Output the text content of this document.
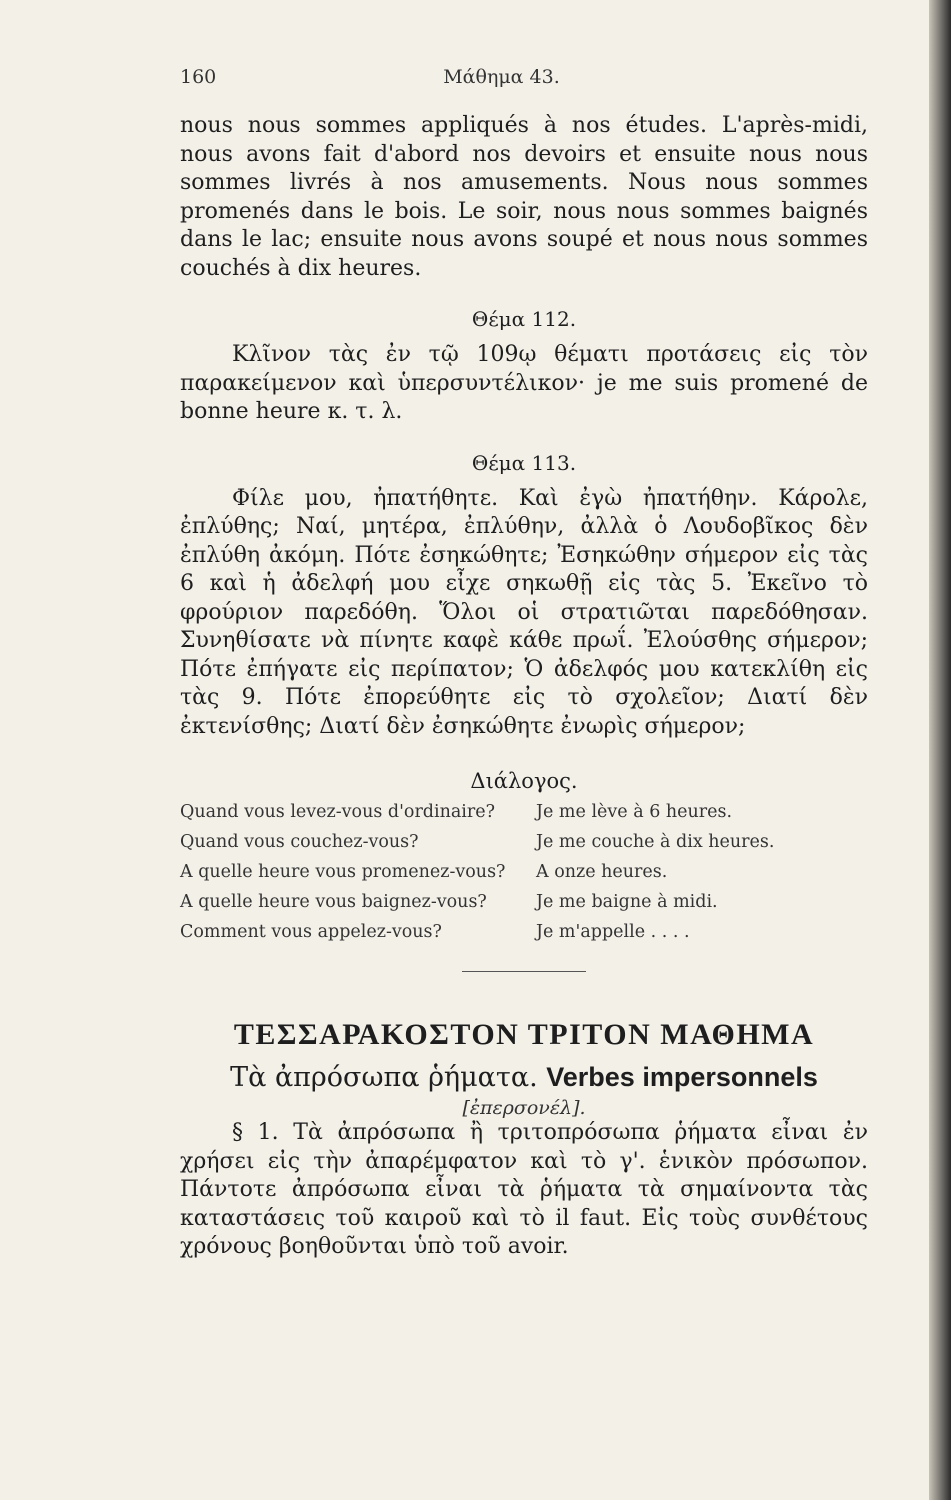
160	Μάθημα 43.

nous nous sommes appliqués à nos études. L'après-midi, nous avons fait d'abord nos devoirs et ensuite nous nous sommes livrés à nos amusements. Nous nous sommes promenés dans le bois. Le soir, nous nous sommes baignés dans le lac; ensuite nous avons soupé et nous nous sommes couchés à dix heures.

Θέμα 112.

Κλῖνον τὰς ἐν τῷ 109ῳ θέματι προτάσεις εἰς τὸν παρακείμενον καὶ ὑπερσυντέλικον· je me suis promené de bonne heure κ. τ. λ.

Θέμα 113.

Φίλε μου, ἠπατήθητε. Καὶ ἐγὼ ἠπατήθην. Κάρολε, ἐπλύθης; Ναί, μητέρα, ἐπλύθην, ἀλλὰ ὁ Λουδοβῖκος δὲν ἐπλύθη ἀκόμη. Πότε ἐσηκώθητε; Ἐσηκώθην σήμερον εἰς τὰς 6 καὶ ἡ ἀδελφή μου εἶχε σηκωθῇ εἰς τὰς 5. Ἐκεῖνο τὸ φρούριον παρεδόθη. Ὅλοι οἱ στρατιῶται παρεδόθησαν. Συνηθίσατε νὰ πίνητε καφὲ κάθε πρωΐ. Ἐλούσθης σήμερον; Πότε ἐπήγατε εἰς περίπατον; Ὁ ἀδελφός μου κατεκλίθη εἰς τὰς 9. Πότε ἐπορεύθητε εἰς τὸ σχολεῖον; Διατί δὲν ἐκτενίσθης; Διατί δὲν ἐσηκώθητε ἐνωρὶς σήμερον;

Διάλογος.
Quand vous levez-vous d'ordinaire?	Je me lève à 6 heures.
Quand vous couchez-vous?	Je me couche à dix heures.
A quelle heure vous promenez-vous?	A onze heures.
A quelle heure vous baignez-vous?	Je me baigne à midi.
Comment vous appelez-vous?	Je m'appelle . . . .
ΤΕΣΣΑΡΑΚΟΣΤΟΝ ΤΡΙΤΟΝ ΜΑΘΗΜΑ
Τὰ ἀπρόσωπα ῥήματα. Verbes impersonnels
[ἐπερσονέλ].

§ 1. Τὰ ἀπρόσωπα ἢ τριτοπρόσωπα ῥήματα εἶναι ἐν χρήσει εἰς τὴν ἀπαρέμφατον καὶ τὸ γ'. ἑνικὸν πρόσωπον. Πάντοτε ἀπρόσωπα εἶναι τὰ ῥήματα τὰ σημαίνοντα τὰς καταστάσεις τοῦ καιροῦ καὶ τὸ il faut. Εἰς τοὺς συνθέτους χρόνους βοηθοῦνται ὑπὸ τοῦ avoir.
